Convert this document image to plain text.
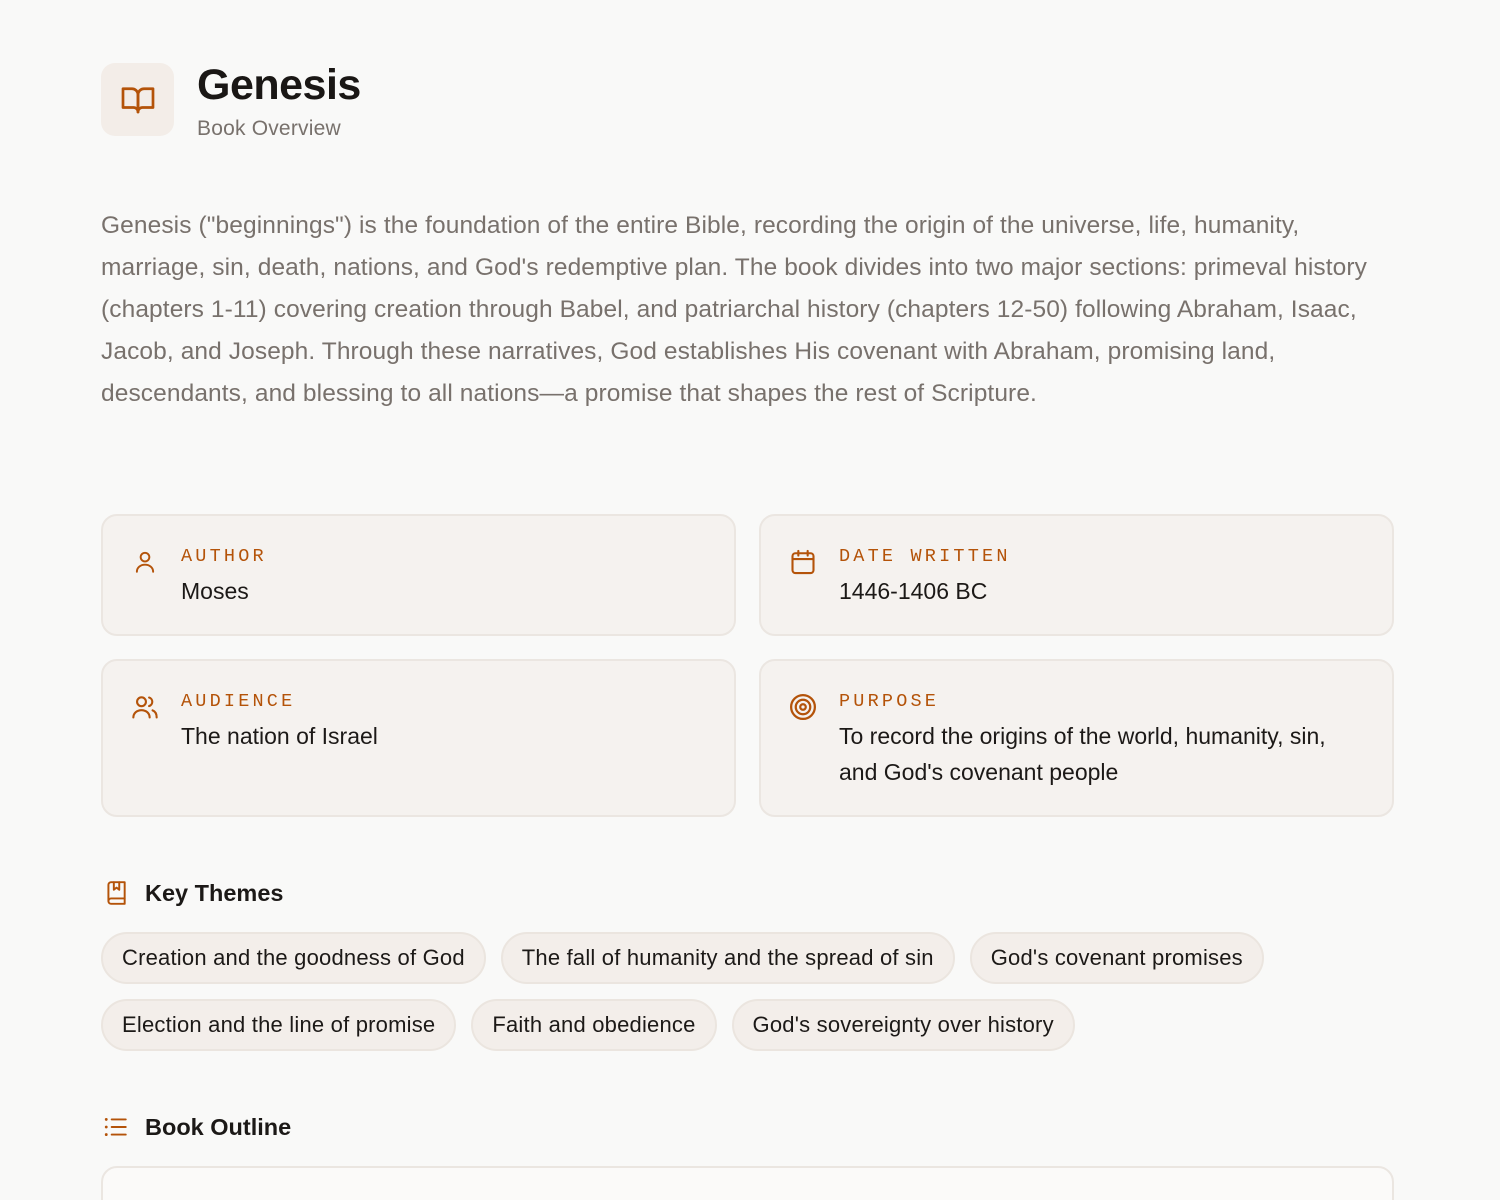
Genesis
Book Overview

Genesis ("beginnings") is the foundation of the entire Bible, recording the origin of the universe, life, humanity, marriage, sin, death, nations, and God's redemptive plan. The book divides into two major sections: primeval history (chapters 1-11) covering creation through Babel, and patriarchal history (chapters 12-50) following Abraham, Isaac, Jacob, and Joseph. Through these narratives, God establishes His covenant with Abraham, promising land, descendants, and blessing to all nations—a promise that shapes the rest of Scripture.

AUTHOR
Moses
DATE WRITTEN
1446-1406 BC
AUDIENCE
The nation of Israel
PURPOSE
To record the origins of the world, humanity, sin, and God's covenant people
Key Themes
Creation and the goodness of God	The fall of humanity and the spread of sin	God's covenant promises
Election and the line of promise	Faith and obedience	God's sovereignty over history
Book Outline
